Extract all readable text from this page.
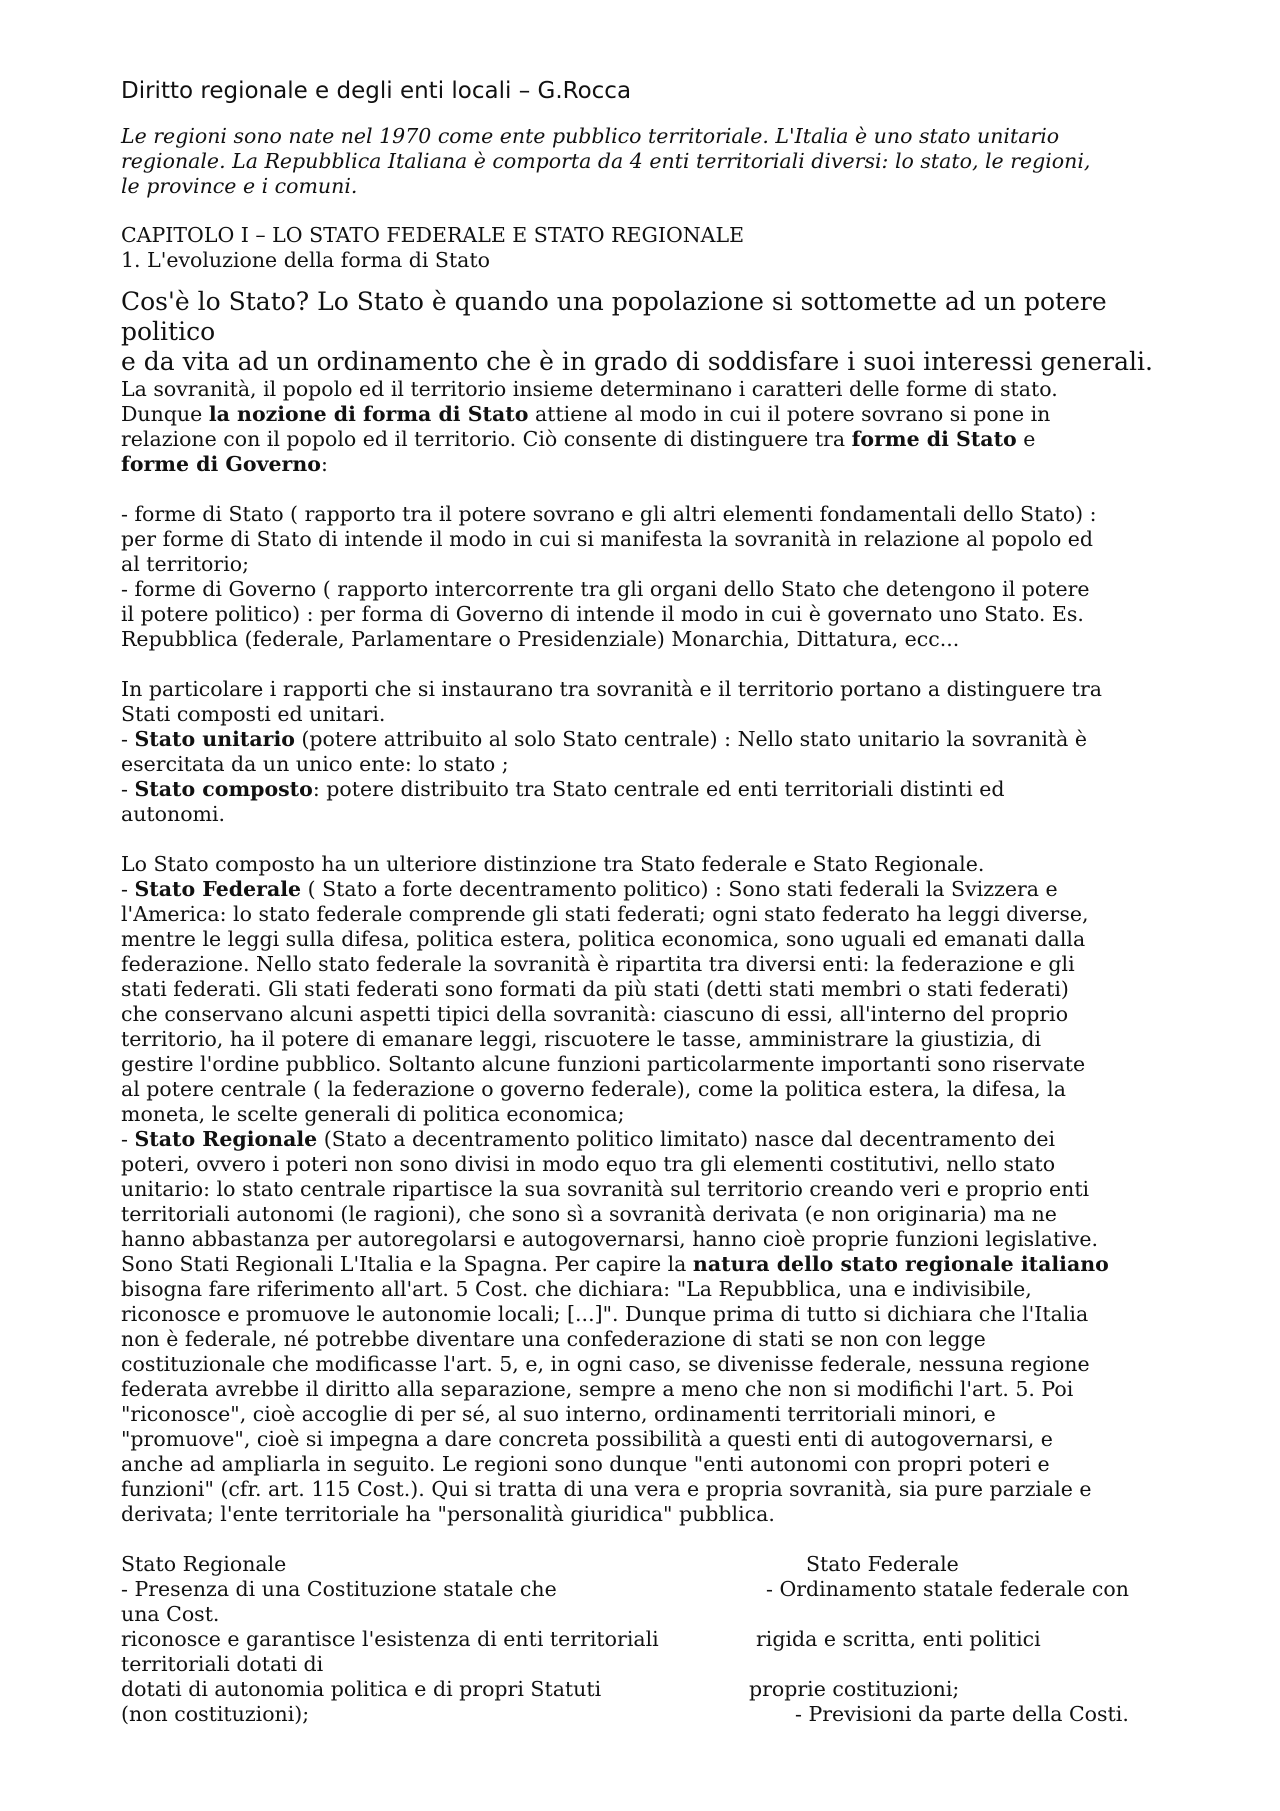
Diritto regionale e degli enti locali – G.Rocca
Le regioni sono nate nel 1970 come ente pubblico territoriale. L'Italia è uno stato unitario
regionale. La Repubblica Italiana è comporta da 4 enti territoriali diversi: lo stato, le regioni,
le province e i comuni.
CAPITOLO I – LO STATO FEDERALE E STATO REGIONALE
1. L'evoluzione della forma di Stato
Cos'è lo Stato? Lo Stato è quando una popolazione si sottomette ad un potere politico
e da vita ad un ordinamento che è in grado di soddisfare i suoi interessi generali.
La sovranità, il popolo ed il territorio insieme determinano i caratteri delle forme di stato.
Dunque la nozione di forma di Stato attiene al modo in cui il potere sovrano si pone in
relazione con il popolo ed il territorio. Ciò consente di distinguere tra forme di Stato e
forme di Governo:
- forme di Stato ( rapporto tra il potere sovrano e gli altri elementi fondamentali dello Stato) :
per forme di Stato di intende il modo in cui si manifesta la sovranità in relazione al popolo ed
al territorio;
- forme di Governo ( rapporto intercorrente tra gli organi dello Stato che detengono il potere
il potere politico) : per forma di Governo di intende il modo in cui è governato uno Stato. Es.
Repubblica (federale, Parlamentare o Presidenziale) Monarchia, Dittatura, ecc...
In particolare i rapporti che si instaurano tra sovranità e il territorio portano a distinguere tra
Stati composti ed unitari.
- Stato unitario (potere attribuito al solo Stato centrale) : Nello stato unitario la sovranità è
esercitata da un unico ente: lo stato ;
- Stato composto: potere distribuito tra Stato centrale ed enti territoriali distinti ed
autonomi.
Lo Stato composto ha un ulteriore distinzione tra Stato federale e Stato Regionale.
- Stato Federale ( Stato a forte decentramento politico) : Sono stati federali la Svizzera e
l'America: lo stato federale comprende gli stati federati; ogni stato federato ha leggi diverse,
mentre le leggi sulla difesa, politica estera, politica economica, sono uguali ed emanati dalla
federazione. Nello stato federale la sovranità è ripartita tra diversi enti: la federazione e gli
stati federati. Gli stati federati sono formati da più stati (detti stati membri o stati federati)
che conservano alcuni aspetti tipici della sovranità: ciascuno di essi, all'interno del proprio
territorio, ha il potere di emanare leggi, riscuotere le tasse, amministrare la giustizia, di
gestire l'ordine pubblico. Soltanto alcune funzioni particolarmente importanti sono riservate
al potere centrale ( la federazione o governo federale), come la politica estera, la difesa, la
moneta, le scelte generali di politica economica;
- Stato Regionale (Stato a decentramento politico limitato) nasce dal decentramento dei
poteri, ovvero i poteri non sono divisi in modo equo tra gli elementi costitutivi, nello stato
unitario: lo stato centrale ripartisce la sua sovranità sul territorio creando veri e proprio enti
territoriali autonomi (le ragioni), che sono sì a sovranità derivata (e non originaria) ma ne
hanno abbastanza per autoregolarsi e autogovernarsi, hanno cioè proprie funzioni legislative.
Sono Stati Regionali L'Italia e la Spagna. Per capire la natura dello stato regionale italiano
bisogna fare riferimento all'art. 5 Cost. che dichiara: "La Repubblica, una e indivisibile,
riconosce e promuove le autonomie locali; [...]". Dunque prima di tutto si dichiara che l'Italia
non è federale, né potrebbe diventare una confederazione di stati se non con legge
costituzionale che modificasse l'art. 5, e, in ogni caso, se divenisse federale, nessuna regione
federata avrebbe il diritto alla separazione, sempre a meno che non si modifichi l'art. 5. Poi
"riconosce", cioè accoglie di per sé, al suo interno, ordinamenti territoriali minori, e
"promuove", cioè si impegna a dare concreta possibilità a questi enti di autogovernarsi, e
anche ad ampliarla in seguito. Le regioni sono dunque "enti autonomi con propri poteri e
funzioni" (cfr. art. 115 Cost.). Qui si tratta di una vera e propria sovranità, sia pure parziale e
derivata; l'ente territoriale ha "personalità giuridica" pubblica.
Stato Regionale	Stato Federale
- Presenza di una Costituzione statale che	- Ordinamento statale federale con
una Cost.
riconosce e garantisce l'esistenza di enti territoriali	rigida e scritta, enti politici
territoriali dotati di
dotati di autonomia politica e di propri Statuti	proprie costituzioni;
(non costituzioni);	- Previsioni da parte della Costi.
